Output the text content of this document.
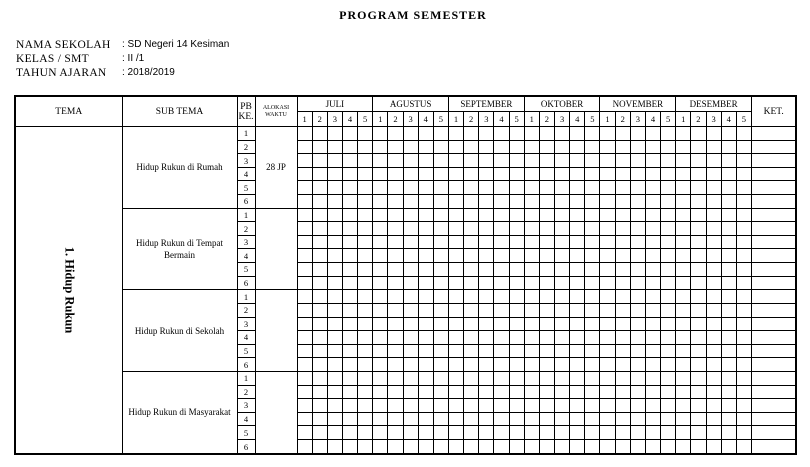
PROGRAM SEMESTER
NAMA SEKOLAH	: SD Negeri 14 Kesiman
KELAS / SMT	: II /1
TAHUN AJARAN	: 2018/2019
TEMA	SUB TEMA	PB KE.	ALOKASI WAKTU	JULI					AGUSTUS					SEPTEMBER					OKTOBER					NOVEMBER					DESEMBER					KET.
				1	2	3	4	5	1	2	3	4	5	1	2	3	4	5	1	2	3	4	5	1	2	3	4	5	1	2	3	4	5	

1. Hidup Rukun	Hidup Rukun di Rumah	1	28 JP																															
		2																																
		3																																
		4																																
		5																																
		6																																
	Hidup Rukun di Tempat Bermain	1																																
		2																																
		3																																
		4																																
		5																																
		6																																
	Hidup Rukun di Sekolah	1																																
		2																																
		3																																
		4																																
		5																																
		6																																
	Hidup Rukun di Masyarakat	1																																
		2																																
		3																																
		4																																
		5																																
		6																																
